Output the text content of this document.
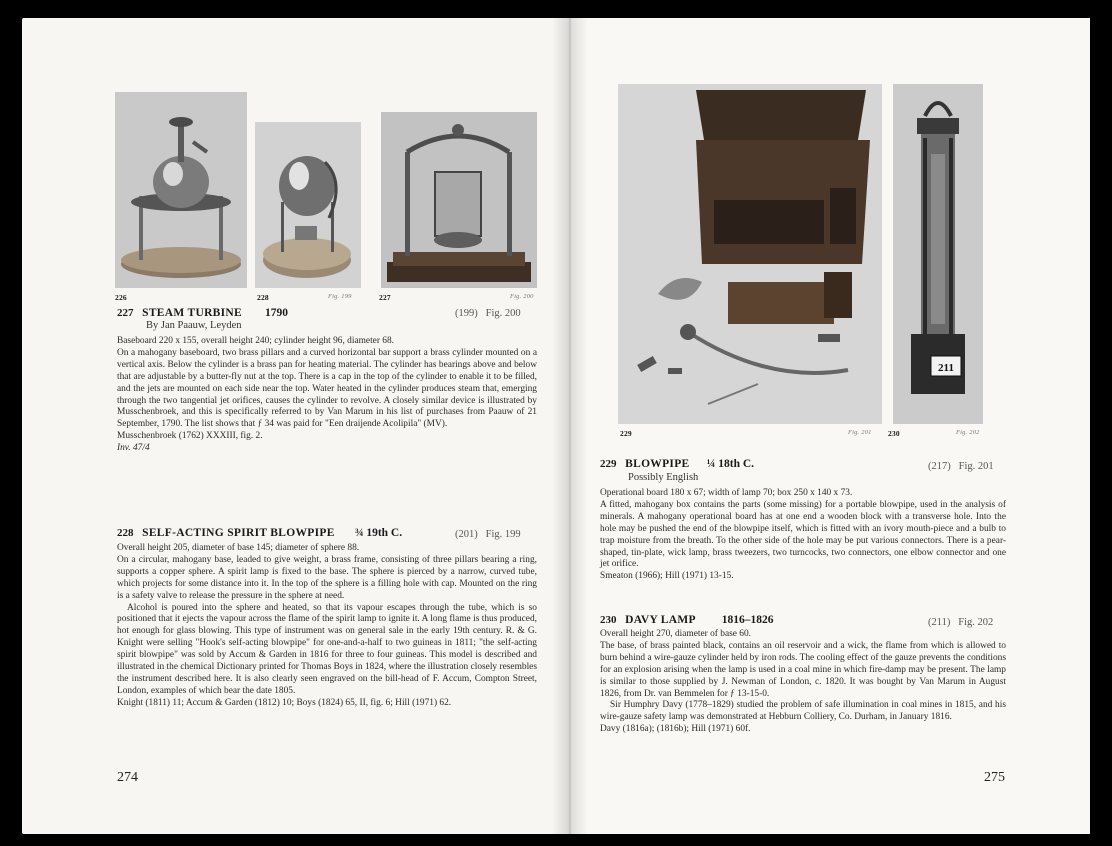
226	228	Fig. 199	227	Fig. 200
227 STEAM TURBINE 1790	(199) Fig. 200
By Jan Paauw, Leyden

Baseboard 220 x 155, overall height 240; cylinder height 96, diameter 68.

On a mahogany baseboard, two brass pillars and a curved horizontal bar support a brass cylinder mounted on a vertical axis. Below the cylinder is a brass pan for heating material. The cylinder has bearings above and below that are adjustable by a butter-fly nut at the top. There is a cap in the top of the cylinder to enable it to be filled, and the jets are mounted on each side near the top. Water heated in the cylinder produces steam that, emerging through the two tangential jet orifices, causes the cylinder to revolve. A closely similar device is illustrated by Musschenbroek, and this is specifically referred to by Van Marum in his list of purchases from Paauw of 21 September, 1790. The list shows that ƒ 34 was paid for "Een draijende Acolipila" (MV).

Musschenbroek (1762) XXXIII, fig. 2.

Inv. 47/4

228 SELF-ACTING SPIRIT BLOWPIPE ¾ 19th C.	(201) Fig. 199

Overall height 205, diameter of base 145; diameter of sphere 88.

On a circular, mahogany base, leaded to give weight, a brass frame, consisting of three pillars bearing a ring, supports a copper sphere. A spirit lamp is fixed to the base. The sphere is pierced by a narrow, curved tube, which projects for some distance into it. In the top of the sphere is a filling hole with cap. Mounted on the ring is a safety valve to release the pressure in the sphere at need.

Alcohol is poured into the sphere and heated, so that its vapour escapes through the tube, which is so positioned that it ejects the vapour across the flame of the spirit lamp to ignite it. A long flame is thus produced, hot enough for glass blowing. This type of instrument was on general sale in the early 19th century. R. & G. Knight were selling "Hook's self-acting blowpipe" for one-and-a-half to two guineas in 1811; "the self-acting spirit blowpipe" was sold by Accum & Garden in 1816 for three to four guineas. This model is described and illustrated in the chemical Dictionary printed for Thomas Boys in 1824, where the illustration closely resembles the instrument described here. It is also clearly seen engraved on the bill-head of F. Accum, Compton Street, London, examples of which bear the date 1805.

Knight (1811) 11; Accum & Garden (1812) 10; Boys (1824) 65, II, fig. 6; Hill (1971) 62.

274
211
229	Fig. 201 230	Fig. 202
229 BLOWPIPE ¼ 18th C.	(217) Fig. 201
Possibly English

Operational board 180 x 67; width of lamp 70; box 250 x 140 x 73.

A fitted, mahogany box contains the parts (some missing) for a portable blowpipe, used in the analysis of minerals. A mahogany operational board has at one end a wooden block with a transverse hole. Into the hole may be pushed the end of the blowpipe itself, which is fitted with an ivory mouth-piece and a bulb to trap moisture from the breath. To the other side of the hole may be put various connectors. There is a pear-shaped, tin-plate, wick lamp, brass tweezers, two turncocks, two connectors, one elbow connector and one jet orifice.

Smeaton (1966); Hill (1971) 13-15.

230 DAVY LAMP 1816–1826	(211) Fig. 202

Overall height 270, diameter of base 60.

The base, of brass painted black, contains an oil reservoir and a wick, the flame from which is allowed to burn behind a wire-gauze cylinder held by iron rods. The cooling effect of the gauze prevents the conditions for an explosion arising when the lamp is used in a coal mine in which fire-damp may be present. The lamp is similar to those supplied by J. Newman of London, c. 1820. It was bought by Van Marum in August 1826, from Dr. van Bemmelen for ƒ 13-15-0.

Sir Humphry Davy (1778–1829) studied the problem of safe illumination in coal mines in 1815, and his wire-gauze safety lamp was demonstrated at Hebburn Colliery, Co. Durham, in January 1816.

Davy (1816a); (1816b); Hill (1971) 60f.

275
